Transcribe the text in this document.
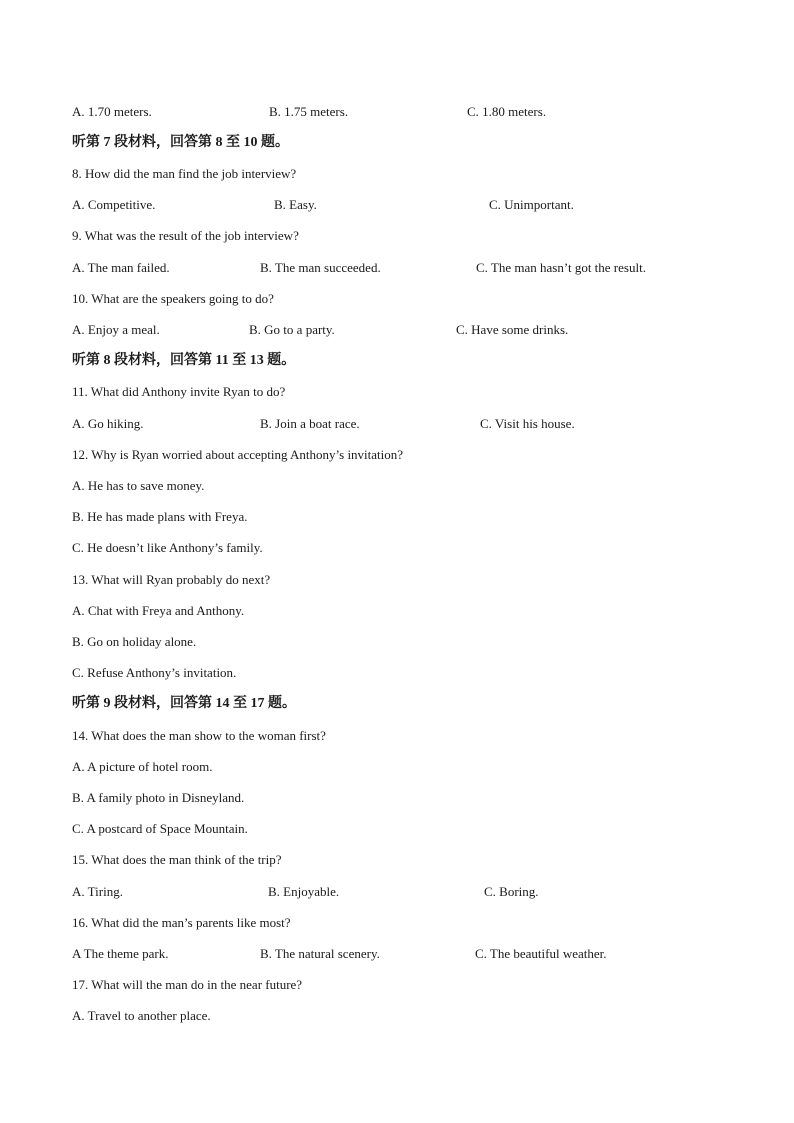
A. 1.70 meters.	B. 1.75 meters.	C. 1.80 meters.
听第 7 段材料，回答第 8 至 10 题。
8. How did the man find the job interview?
A. Competitive.	B. Easy.	C. Unimportant.
9. What was the result of the job interview?
A. The man failed.	B. The man succeeded.	C. The man hasn’t got the result.
10. What are the speakers going to do?
A. Enjoy a meal.	B. Go to a party.	C. Have some drinks.
听第 8 段材料，回答第 11 至 13 题。
11. What did Anthony invite Ryan to do?
A. Go hiking.	B. Join a boat race.	C. Visit his house.
12. Why is Ryan worried about accepting Anthony’s invitation?
A. He has to save money.
B. He has made plans with Freya.
C. He doesn’t like Anthony’s family.
13. What will Ryan probably do next?
A. Chat with Freya and Anthony.
B. Go on holiday alone.
C. Refuse Anthony’s invitation.
听第 9 段材料，回答第 14 至 17 题。
14. What does the man show to the woman first?
A. A picture of hotel room.
B. A family photo in Disneyland.
C. A postcard of Space Mountain.
15. What does the man think of the trip?
A. Tiring.	B. Enjoyable.	C. Boring.
16. What did the man’s parents like most?
A The theme park.	B. The natural scenery.	C. The beautiful weather.
17. What will the man do in the near future?
A. Travel to another place.
